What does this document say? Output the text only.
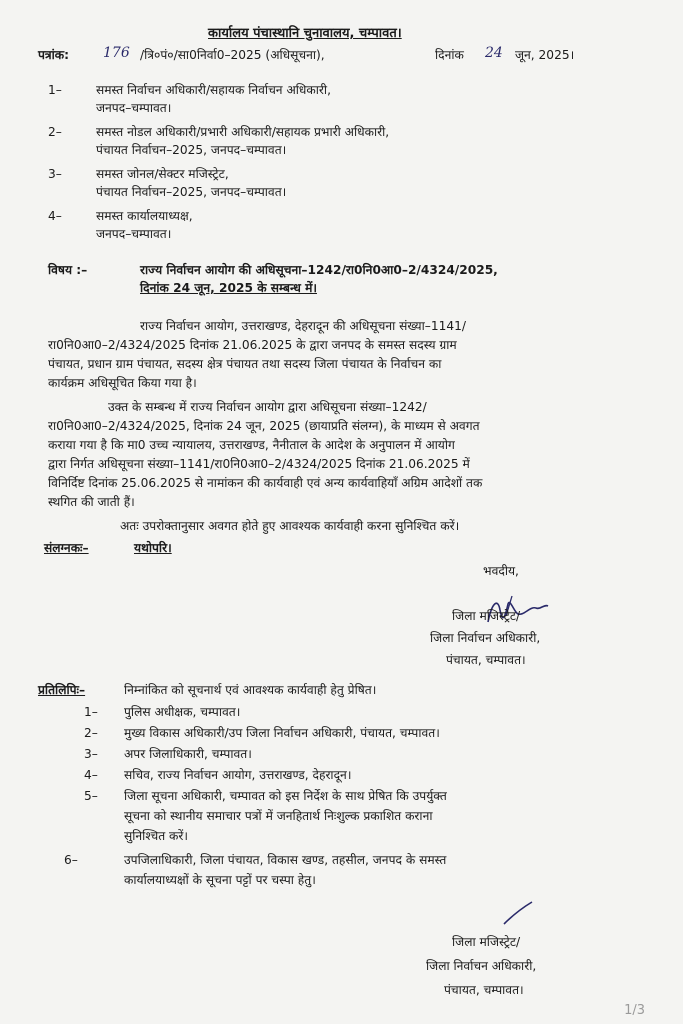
कार्यालय पंचास्थानि चुनावालय, चम्पावत।
पत्रांक: 176 /त्रि०पं०/सा0निर्वा0–2025 (अधिसूचना),	दिनांक 24 जून, 2025।
1–	समस्त निर्वाचन अधिकारी/सहायक निर्वाचन अधिकारी,
जनपद–चम्पावत।
2–	समस्त नोडल अधिकारी/प्रभारी अधिकारी/सहायक प्रभारी अधिकारी,
पंचायत निर्वाचन–2025, जनपद–चम्पावत।
3–	समस्त जोनल/सेक्टर मजिस्ट्रेट,
पंचायत निर्वाचन–2025, जनपद–चम्पावत।
4–	समस्त कार्यालयाध्यक्ष,
जनपद–चम्पावत।
विषय :–	राज्य निर्वाचन आयोग की अधिसूचना–1242/रा0नि0आ0–2/4324/2025,
दिनांक 24 जून, 2025 के सम्बन्ध में।
राज्य निर्वाचन आयोग, उत्तराखण्ड, देहरादून की अधिसूचना संख्या–1141/
रा0नि0आ0–2/4324/2025 दिनांक 21.06.2025 के द्वारा जनपद के समस्त सदस्य ग्राम
पंचायत, प्रधान ग्राम पंचायत, सदस्य क्षेत्र पंचायत तथा सदस्य जिला पंचायत के निर्वाचन का
कार्यक्रम अधिसूचित किया गया है।
उक्त के सम्बन्ध में राज्य निर्वाचन आयोग द्वारा अधिसूचना संख्या–1242/
रा0नि0आ0–2/4324/2025, दिनांक 24 जून, 2025 (छायाप्रति संलग्न), के माध्यम से अवगत
कराया गया है कि मा0 उच्च न्यायालय, उत्तराखण्ड, नैनीताल के आदेश के अनुपालन में आयोग
द्वारा निर्गत अधिसूचना संख्या–1141/रा0नि0आ0–2/4324/2025 दिनांक 21.06.2025 में
विनिर्दिष्ट दिनांक 25.06.2025 से नामांकन की कार्यवाही एवं अन्य कार्यवाहियॉं अग्रिम आदेशों तक
स्थगित की जाती हैं।
अतः उपरोक्तानुसार अवगत होते हुए आवश्यक कार्यवाही करना सुनिश्चित करें।
संलग्नकः–	यथोपरि।
भवदीय,
जिला मजिस्ट्रेट/
जिला निर्वाचन अधिकारी,
पंचायत, चम्पावत।
प्रतिलिपिः–	निम्नांकित को सूचनार्थ एवं आवश्यक कार्यवाही हेतु प्रेषित।
1– पुलिस अधीक्षक, चम्पावत।
2– मुख्य विकास अधिकारी/उप जिला निर्वाचन अधिकारी, पंचायत, चम्पावत।
3– अपर जिलाधिकारी, चम्पावत।
4– सचिव, राज्य निर्वाचन आयोग, उत्तराखण्ड, देहरादून।
5– जिला सूचना अधिकारी, चम्पावत को इस निर्देश के साथ प्रेषित कि उपर्युक्त
सूचना को स्थानीय समाचार पत्रों में जनहितार्थ निःशुल्क प्रकाशित कराना
सुनिश्चित करें।
6–	उपजिलाधिकारी, जिला पंचायत, विकास खण्ड, तहसील, जनपद के समस्त
कार्यालयाध्यक्षों के सूचना पट्टों पर चस्पा हेतु।
जिला मजिस्ट्रेट/
जिला निर्वाचन अधिकारी,
पंचायत, चम्पावत।
1/3
